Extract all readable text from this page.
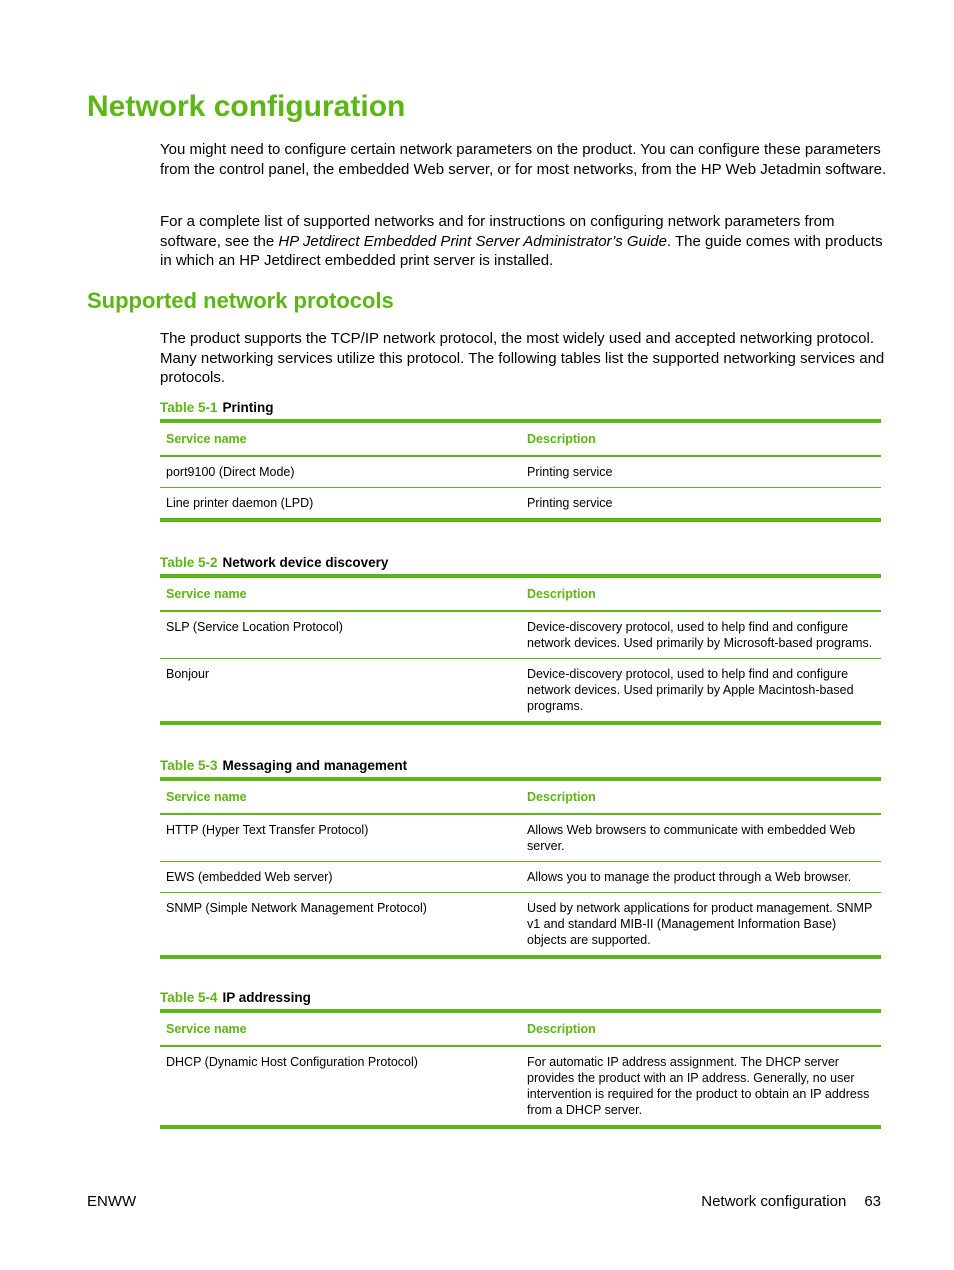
Network configuration

You might need to configure certain network parameters on the product. You can configure these parameters from the control panel, the embedded Web server, or for most networks, from the HP Web Jetadmin software.

For a complete list of supported networks and for instructions on configuring network parameters from software, see the HP Jetdirect Embedded Print Server Administrator’s Guide. The guide comes with products in which an HP Jetdirect embedded print server is installed.

Supported network protocols

The product supports the TCP/IP network protocol, the most widely used and accepted networking protocol. Many networking services utilize this protocol. The following tables list the supported networking services and protocols.

Table 5-1 Printing
Service name	Description
port9100 (Direct Mode)	Printing service
Line printer daemon (LPD)	Printing service
Table 5-2 Network device discovery
Service name	Description
SLP (Service Location Protocol)	Device-discovery protocol, used to help find and configure network devices. Used primarily by Microsoft-based programs.
Bonjour	Device-discovery protocol, used to help find and configure network devices. Used primarily by Apple Macintosh-based programs.
Table 5-3 Messaging and management
Service name	Description
HTTP (Hyper Text Transfer Protocol)	Allows Web browsers to communicate with embedded Web server.
EWS (embedded Web server)	Allows you to manage the product through a Web browser.
SNMP (Simple Network Management Protocol)	Used by network applications for product management. SNMP v1 and standard MIB-II (Management Information Base) objects are supported.
Table 5-4 IP addressing
Service name	Description
DHCP (Dynamic Host Configuration Protocol)	For automatic IP address assignment. The DHCP server provides the product with an IP address. Generally, no user intervention is required for the product to obtain an IP address from a DHCP server.
ENWW	Network configuration 63
